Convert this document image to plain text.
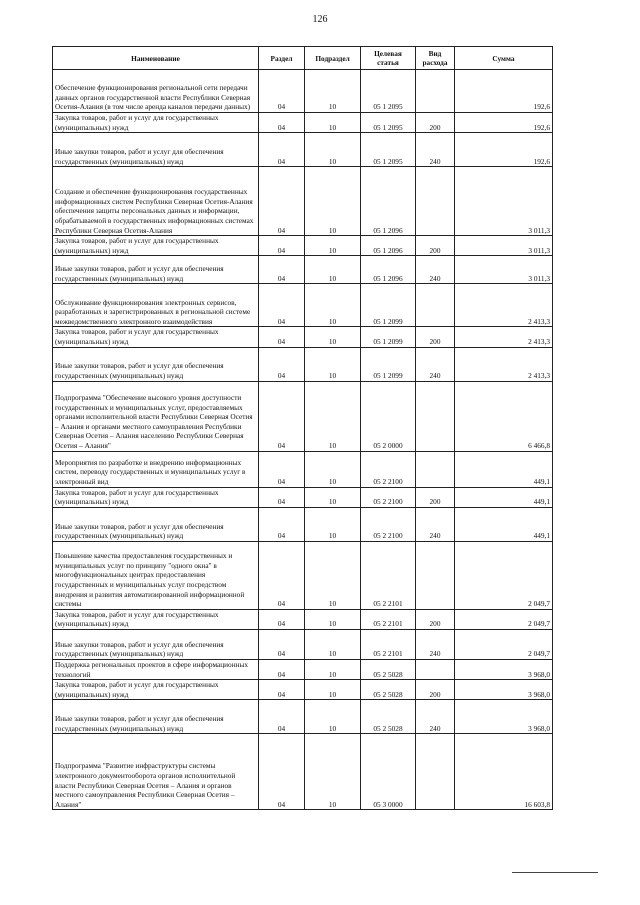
126
Наименование	Раздел	Подраздел	Целевая статья	Вид расхода	Сумма
Обеспечение функционирования региональной сети передачи данных органов государственной власти Республики Северная Осетия-Алания (в том числе аренда каналов передачи данных)	04	10	05 1 2095		192,6
Закупка товаров, работ и услуг для государственных (муниципальных) нужд	04	10	05 1 2095	200	192,6
Иные закупки товаров, работ и услуг для обеспечения государственных (муниципальных) нужд	04	10	05 1 2095	240	192,6
Создание и обеспечение функционирования государственных информационных систем Республики Северная Осетия-Алания обеспечения защиты персональных данных и информации, обрабатываемой в государственных информационных системах Республики Северная Осетия-Алания	04	10	05 1 2096		3 011,3
Закупка товаров, работ и услуг для государственных (муниципальных) нужд	04	10	05 1 2096	200	3 011,3
Иные закупки товаров, работ и услуг для обеспечения государственных (муниципальных) нужд	04	10	05 1 2096	240	3 011,3
Обслуживание функционирования электронных сервисов, разработанных и зарегистрированных в региональной системе межведомственного электронного взаимодействия	04	10	05 1 2099		2 413,3
Закупка товаров, работ и услуг для государственных (муниципальных) нужд	04	10	05 1 2099	200	2 413,3
Иные закупки товаров, работ и услуг для обеспечения государственных (муниципальных) нужд	04	10	05 1 2099	240	2 413,3
Подпрограмма "Обеспечение высокого уровня доступности государственных и муниципальных услуг, предоставляемых органами исполнительной власти Республики Северная Осетия – Алания и органами местного самоуправления Республики Северная Осетия – Алания населению Республики Северная Осетия – Алания"	04	10	05 2 0000		6 466,8
Мероприятия по разработке и внедрению информационных систем, переводу государственных и муниципальных услуг в электронный вид	04	10	05 2 2100		449,1
Закупка товаров, работ и услуг для государственных (муниципальных) нужд	04	10	05 2 2100	200	449,1
Иные закупки товаров, работ и услуг для обеспечения государственных (муниципальных) нужд	04	10	05 2 2100	240	449,1
Повышение качества предоставления государственных и муниципальных услуг по принципу "одного окна" в многофункциональных центрах предоставления государственных и муниципальных услуг посредством внедрения и развития автоматизированной информационной системы	04	10	05 2 2101		2 049,7
Закупка товаров, работ и услуг для государственных (муниципальных) нужд	04	10	05 2 2101	200	2 049,7
Иные закупки товаров, работ и услуг для обеспечения государственных (муниципальных) нужд	04	10	05 2 2101	240	2 049,7
Поддержка региональных проектов в сфере информационных технологий	04	10	05 2 5028		3 968,0
Закупка товаров, работ и услуг для государственных (муниципальных) нужд	04	10	05 2 5028	200	3 968,0
Иные закупки товаров, работ и услуг для обеспечения государственных (муниципальных) нужд	04	10	05 2 5028	240	3 968,0
Подпрограмма "Развитие инфраструктуры системы электронного документооборота органов исполнительной власти Республики Северная Осетия – Алания и органов местного самоуправления Республики Северная Осетия – Алания"	04	10	05 3 0000		16 603,8
